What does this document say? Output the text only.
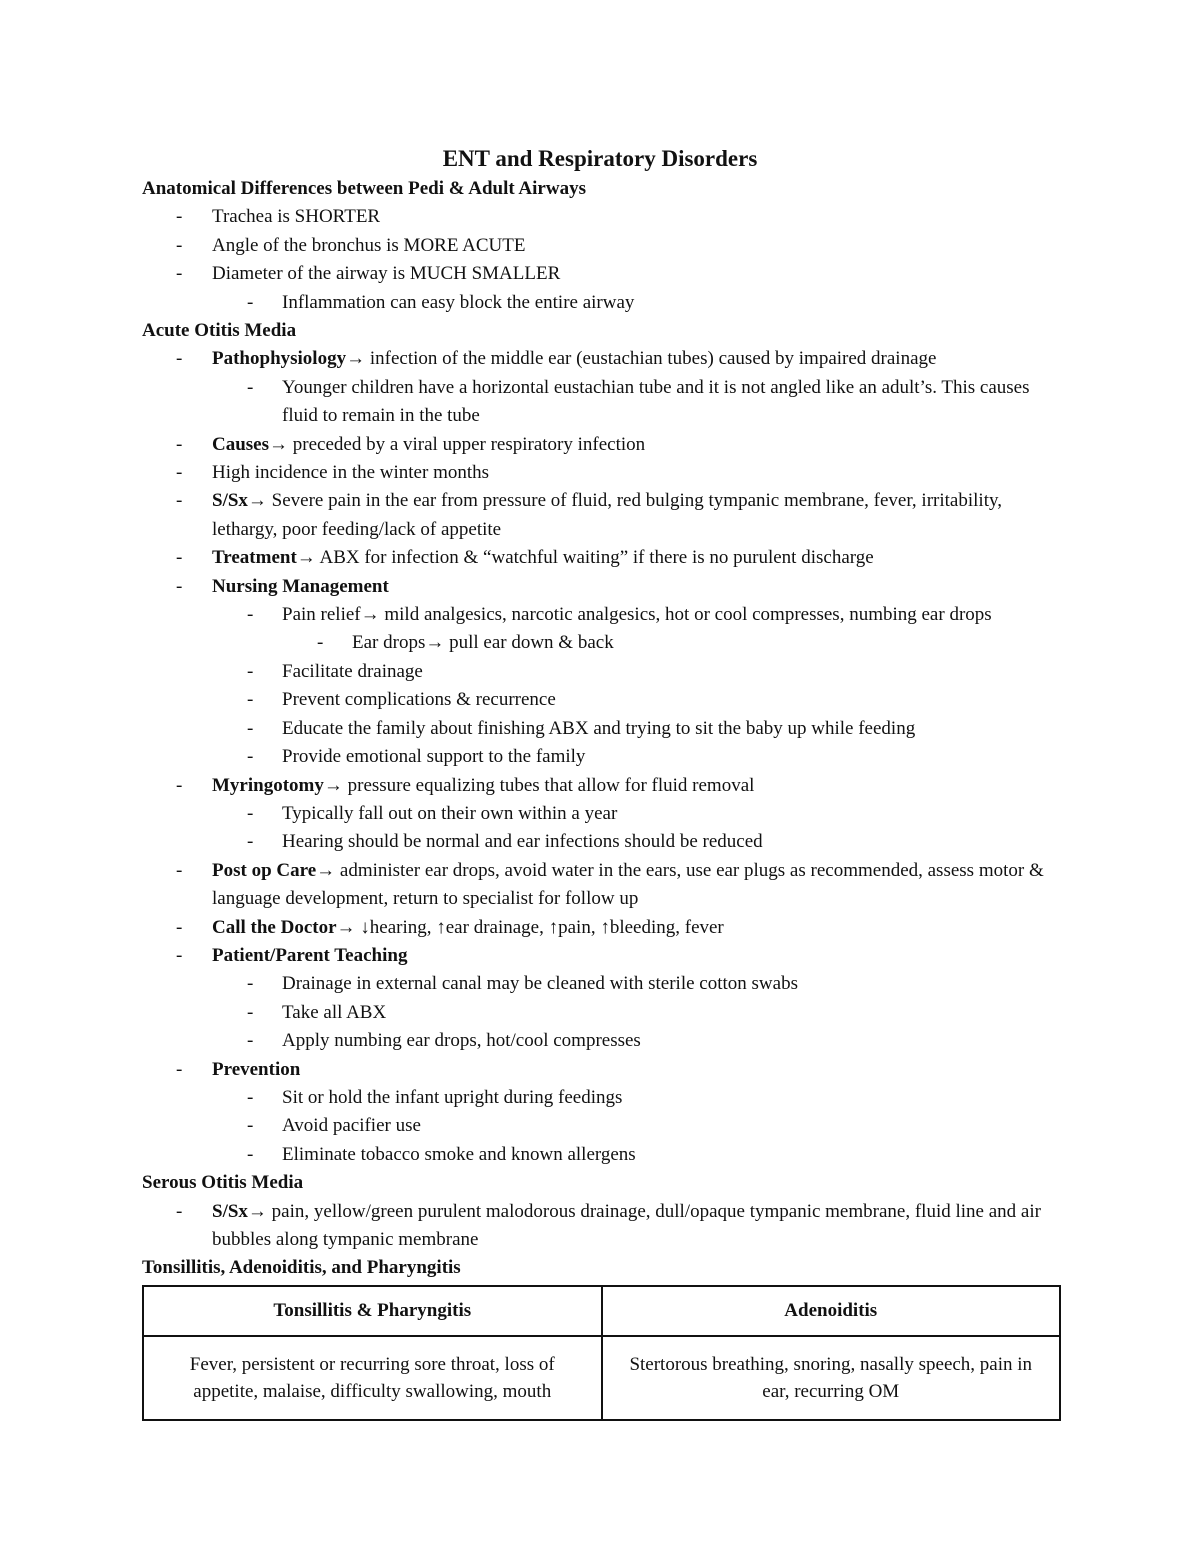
ENT and Respiratory Disorders
Anatomical Differences between Pedi & Adult Airways
- Trachea is SHORTER
- Angle of the bronchus is MORE ACUTE
- Diameter of the airway is MUCH SMALLER
- Inflammation can easy block the entire airway
Acute Otitis Media
- Pathophysiology→ infection of the middle ear (eustachian tubes) caused by impaired drainage
- Younger children have a horizontal eustachian tube and it is not angled like an adult’s. This causes fluid to remain in the tube
- Causes→ preceded by a viral upper respiratory infection
- High incidence in the winter months
- S/Sx→ Severe pain in the ear from pressure of fluid, red bulging tympanic membrane, fever, irritability, lethargy, poor feeding/lack of appetite
- Treatment→ ABX for infection & “watchful waiting” if there is no purulent discharge
- Nursing Management
- Pain relief→ mild analgesics, narcotic analgesics, hot or cool compresses, numbing ear drops
- Ear drops→ pull ear down & back
- Facilitate drainage
- Prevent complications & recurrence
- Educate the family about finishing ABX and trying to sit the baby up while feeding
- Provide emotional support to the family
- Myringotomy→ pressure equalizing tubes that allow for fluid removal
- Typically fall out on their own within a year
- Hearing should be normal and ear infections should be reduced
- Post op Care→ administer ear drops, avoid water in the ears, use ear plugs as recommended, assess motor & language development, return to specialist for follow up
- Call the Doctor→ ↓hearing, ↑ear drainage, ↑pain, ↑bleeding, fever
- Patient/Parent Teaching
- Drainage in external canal may be cleaned with sterile cotton swabs
- Take all ABX
- Apply numbing ear drops, hot/cool compresses
- Prevention
- Sit or hold the infant upright during feedings
- Avoid pacifier use
- Eliminate tobacco smoke and known allergens
Serous Otitis Media
- S/Sx→ pain, yellow/green purulent malodorous drainage, dull/opaque tympanic membrane, fluid line and air bubbles along tympanic membrane
Tonsillitis, Adenoiditis, and Pharyngitis
Tonsillitis & Pharyngitis	Adenoiditis
Fever, persistent or recurring sore throat, loss of appetite, malaise, difficulty swallowing, mouth	Stertorous breathing, snoring, nasally speech, pain in ear, recurring OM
